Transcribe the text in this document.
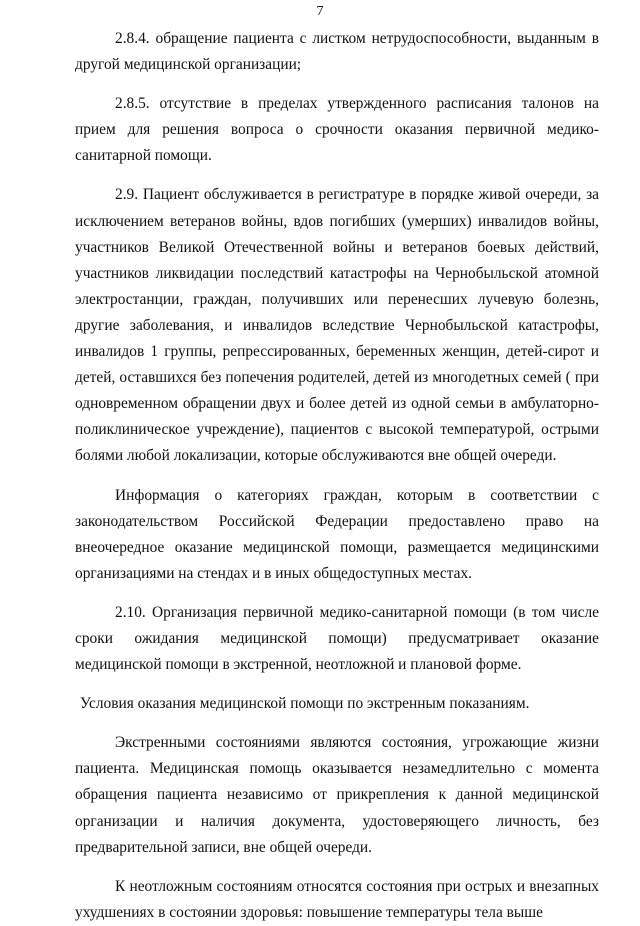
7

2.8.4. обращение пациента с листком нетрудоспособности, выданным в другой медицинской организации;

2.8.5. отсутствие в пределах утвержденного расписания талонов на прием для решения вопроса о срочности оказания первичной медико-санитарной помощи.

2.9. Пациент обслуживается в регистратуре в порядке живой очереди, за исключением ветеранов войны, вдов погибших (умерших) инвалидов войны, участников Великой Отечественной войны и ветеранов боевых действий, участников ликвидации последствий катастрофы на Чернобыльской атомной электростанции, граждан, получивших или перенесших лучевую болезнь, другие заболевания, и инвалидов вследствие Чернобыльской катастрофы, инвалидов 1 группы, репрессированных, беременных женщин, детей-сирот и детей, оставшихся без попечения родителей, детей из многодетных семей ( при одновременном обращении двух и более детей из одной семьи в амбулаторно-поликлиническое учреждение), пациентов с высокой температурой, острыми болями любой локализации, которые обслуживаются вне общей очереди.

Информация о категориях граждан, которым в соответствии с законодательством Российской Федерации предоставлено право на внеочередное оказание медицинской помощи, размещается медицинскими организациями на стендах и в иных общедоступных местах.

2.10. Организация первичной медико-санитарной помощи (в том числе сроки ожидания медицинской помощи) предусматривает оказание медицинской помощи в экстренной, неотложной и плановой форме.

Условия оказания медицинской помощи по экстренным показаниям.

Экстренными состояниями являются состояния, угрожающие жизни пациента. Медицинская помощь оказывается незамедлительно с момента обращения пациента независимо от прикрепления к данной медицинской организации и наличия документа, удостоверяющего личность, без предварительной записи, вне общей очереди.

К неотложным состояниям относятся состояния при острых и внезапных ухудшениях в состоянии здоровья: повышение температуры тела выше
